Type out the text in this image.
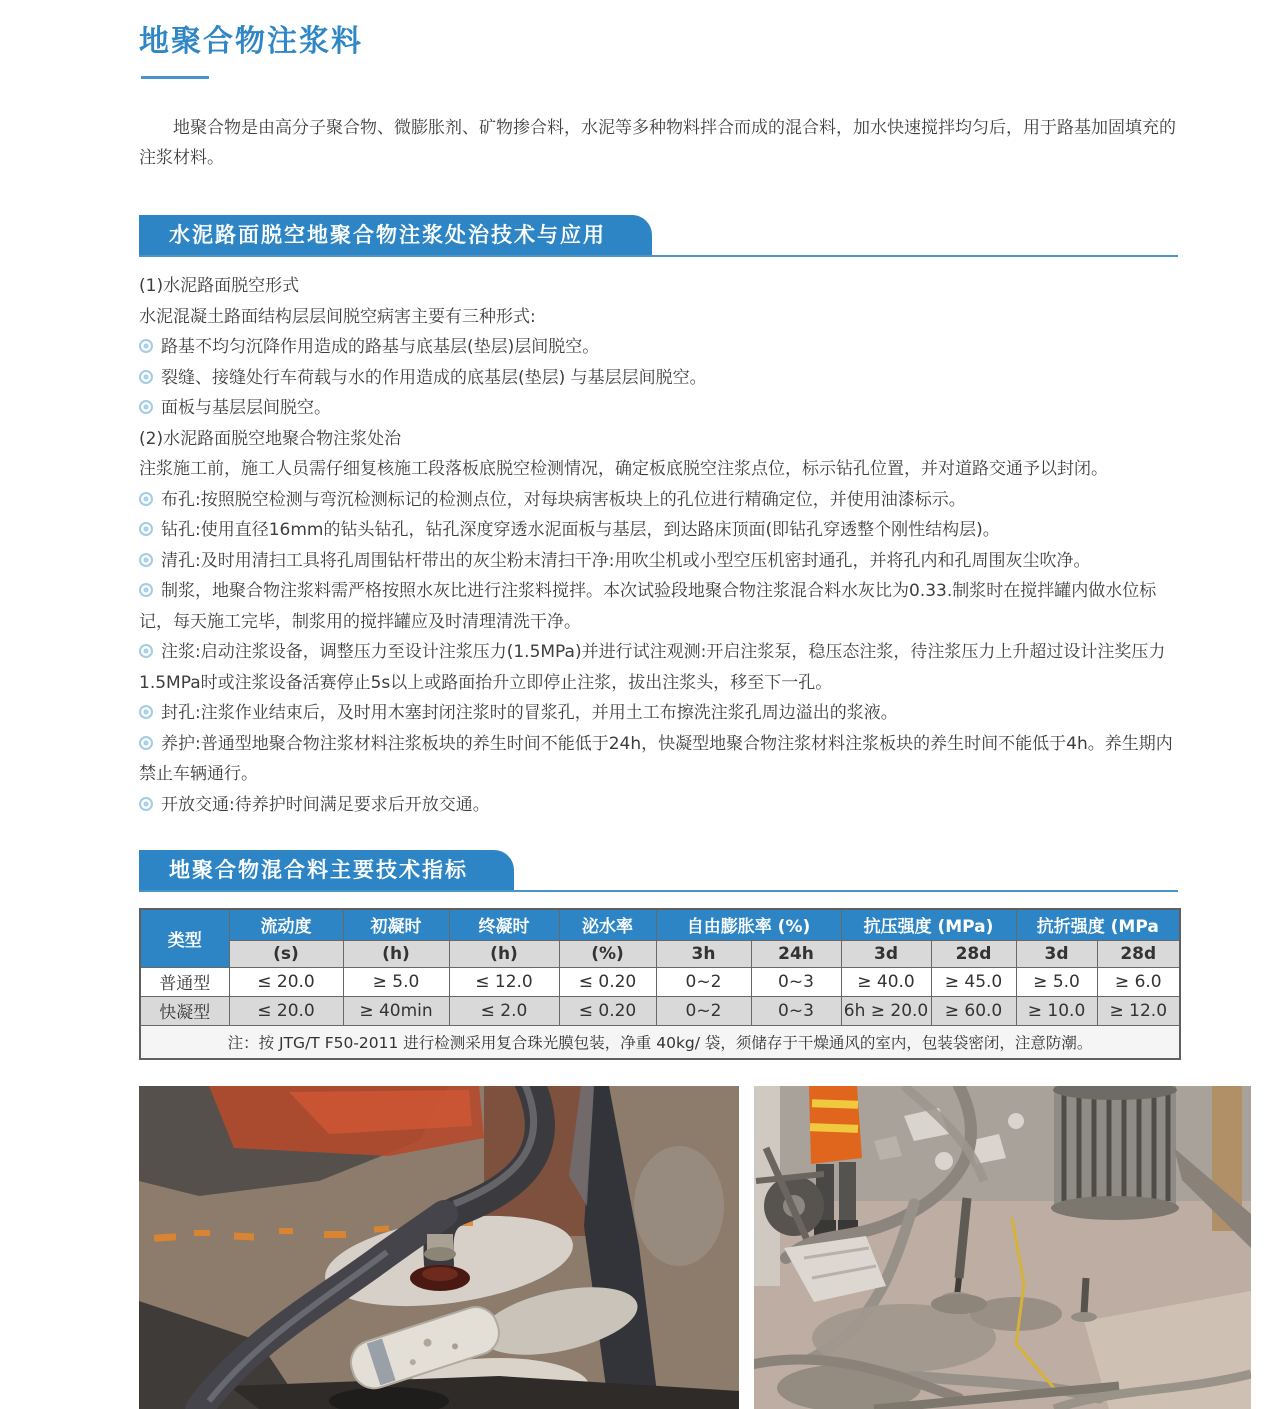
地聚合物注浆料

地聚合物是由高分子聚合物、微膨胀剂、矿物掺合料，水泥等多种物料拌合而成的混合料，加水快速搅拌均匀后，用于路基加固填充的注浆材料。

水泥路面脱空地聚合物注浆处治技术与应用

(1)水泥路面脱空形式

水泥混凝土路面结构层层间脱空病害主要有三种形式:

路基不均匀沉降作用造成的路基与底基层(垫层)层间脱空。

裂缝、接缝处行车荷载与水的作用造成的底基层(垫层) 与基层层间脱空。

面板与基层层间脱空。

(2)水泥路面脱空地聚合物注浆处治

注浆施工前，施工人员需仔细复核施工段落板底脱空检测情况，确定板底脱空注浆点位，标示钻孔位置，并对道路交通予以封闭。

布孔:按照脱空检测与弯沉检测标记的检测点位，对每块病害板块上的孔位进行精确定位，并使用油漆标示。

钻孔:使用直径16mm的钻头钻孔，钻孔深度穿透水泥面板与基层，到达路床顶面(即钻孔穿透整个刚性结构层)。

清孔:及时用清扫工具将孔周围钻杆带出的灰尘粉末清扫干净:用吹尘机或小型空压机密封通孔，并将孔内和孔周围灰尘吹净。

制浆，地聚合物注浆料需严格按照水灰比进行注浆料搅拌。本次试验段地聚合物注浆混合料水灰比为0.33.制浆时在搅拌罐内做水位标记，每天施工完毕，制浆用的搅拌罐应及时清理清洗干净。

注浆:启动注浆设备，调整压力至设计注浆压力(1.5MPa)并进行试注观测:开启注浆泵，稳压态注浆，待注浆压力上升超过设计注奖压力1.5MPa时或注浆设备活赛停止5s以上或路面抬升立即停止注浆，拔出注浆头，移至下一孔。

封孔:注浆作业结束后，及时用木塞封闭注浆时的冒浆孔，并用土工布擦洗注浆孔周边溢出的浆液。

养护:普通型地聚合物注浆材料注浆板块的养生时间不能低于24h，快凝型地聚合物注浆材料注浆板块的养生时间不能低于4h。养生期内禁止车辆通行。

开放交通:待养护时间满足要求后开放交通。

地聚合物混合料主要技术指标
类型	流动度	初凝时	终凝时	泌水率	自由膨胀率 (%)		抗压强度 (MPa)		抗折强度 (MPa	
	(s)	(h)	(h)	(%)	3h	24h	3d	28d	3d	28d
普通型	≤ 20.0	≥ 5.0	≤ 12.0	≤ 0.20	0~2	0~3	≥ 40.0	≥ 45.0	≥ 5.0	≥ 6.0
快凝型	≤ 20.0	≥ 40min	≤ 2.0	≤ 0.20	0~2	0~3	6h ≥ 20.0	≥ 60.0	≥ 10.0	≥ 12.0
注：按 JTG/T F50-2011 进行检测采用复合珠光膜包装，净重 40kg/ 袋，须储存于干燥通风的室内，包装袋密闭，注意防潮。										
